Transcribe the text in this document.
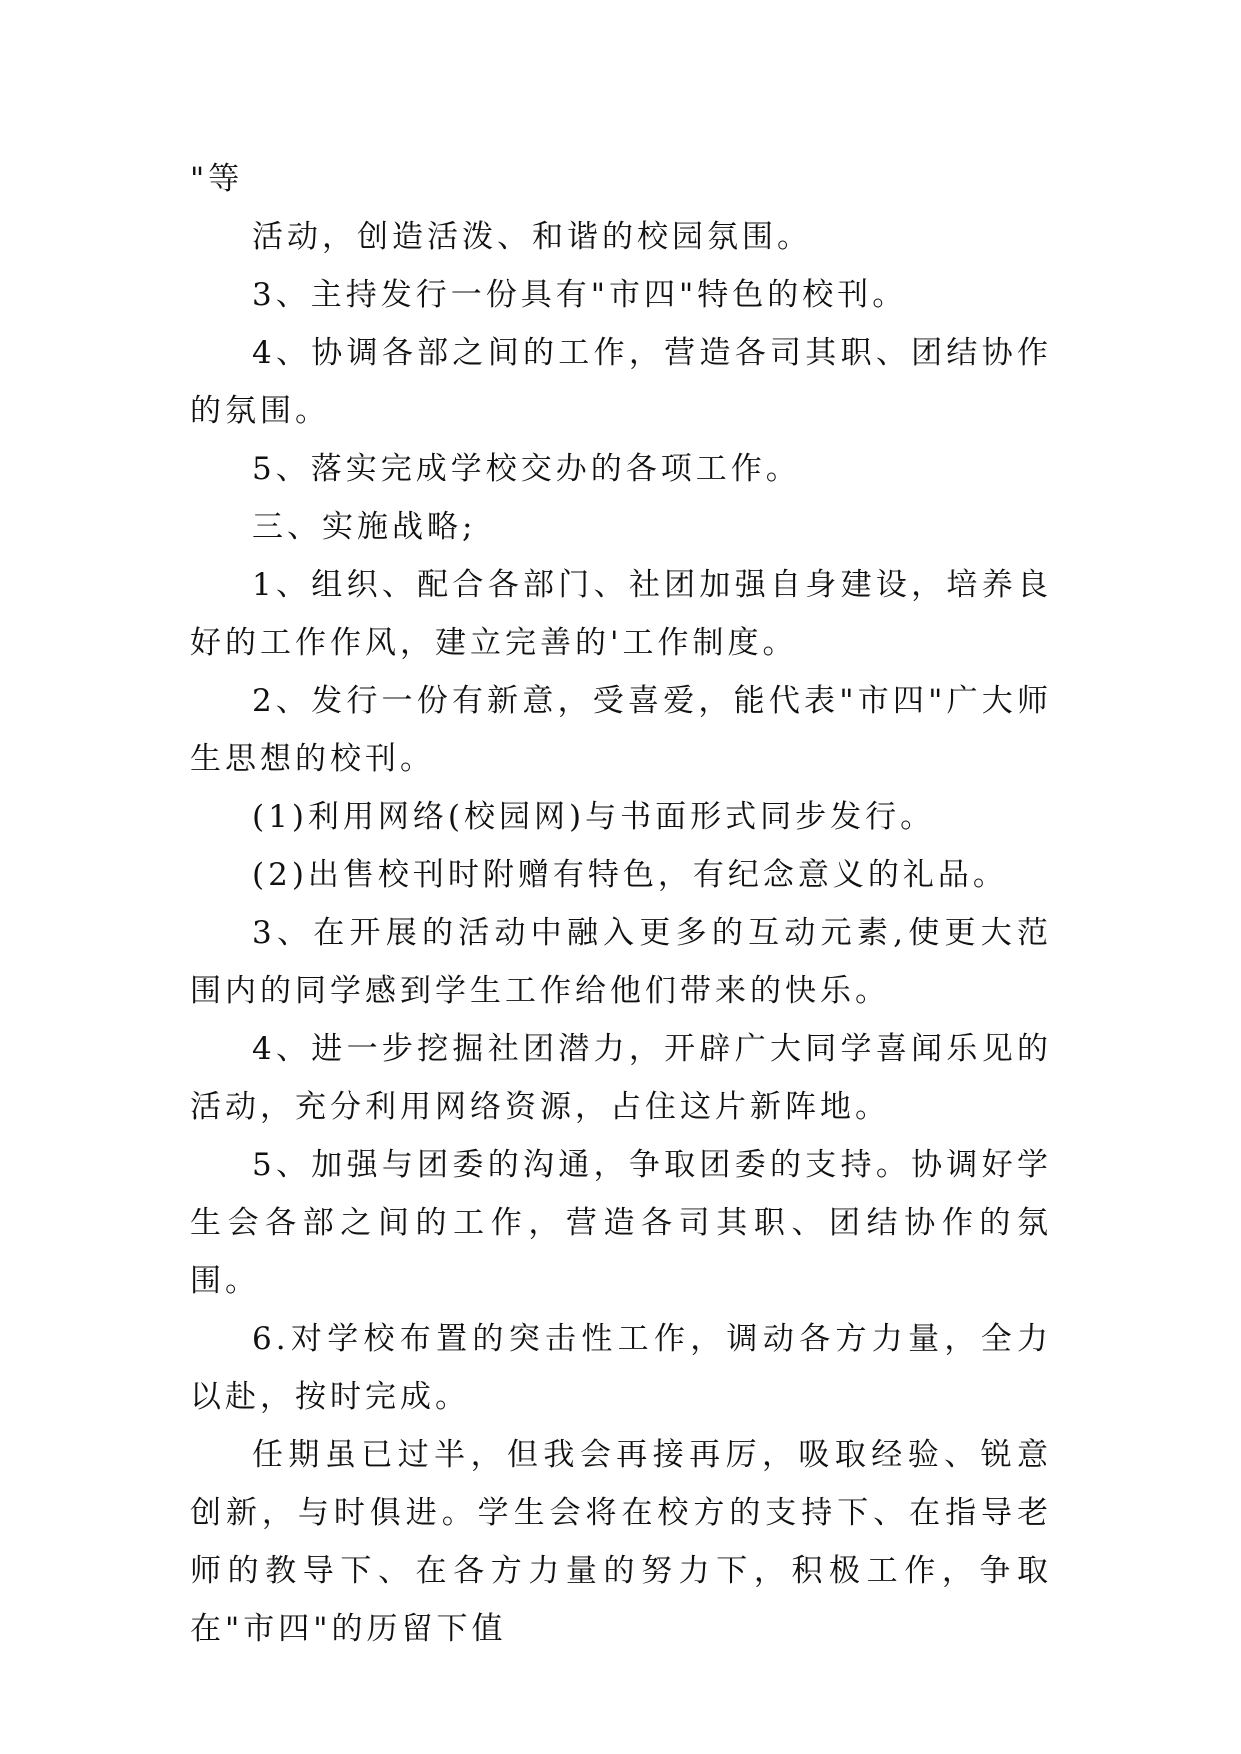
"等

活动，创造活泼、和谐的校园氛围。

3、主持发行一份具有"市四"特色的校刊。

4、协调各部之间的工作，营造各司其职、团结协作的氛围。

5、落实完成学校交办的各项工作。

三、实施战略;

1、组织、配合各部门、社团加强自身建设，培养良好的工作作风，建立完善的'工作制度。

2、发行一份有新意，受喜爱，能代表"市四"广大师生思想的校刊。

(1)利用网络(校园网)与书面形式同步发行。

(2)出售校刊时附赠有特色，有纪念意义的礼品。

3、在开展的活动中融入更多的互动元素,使更大范围内的同学感到学生工作给他们带来的快乐。

4、进一步挖掘社团潜力，开辟广大同学喜闻乐见的活动，充分利用网络资源，占住这片新阵地。

5、加强与团委的沟通，争取团委的支持。协调好学生会各部之间的工作，营造各司其职、团结协作的氛围。

6.对学校布置的突击性工作，调动各方力量，全力以赴，按时完成。

任期虽已过半，但我会再接再厉，吸取经验、锐意创新，与时俱进。学生会将在校方的支持下、在指导老师的教导下、在各方力量的努力下，积极工作，争取在"市四"的历留下值
